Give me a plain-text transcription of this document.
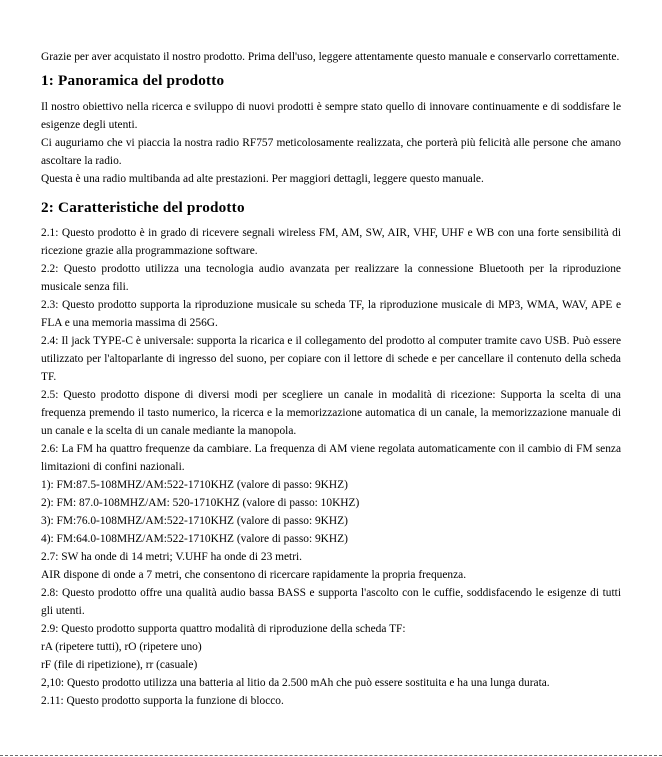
Grazie per aver acquistato il nostro prodotto. Prima dell'uso, leggere attentamente questo manuale e conservarlo correttamente.

1: Panoramica del prodotto

Il nostro obiettivo nella ricerca e sviluppo di nuovi prodotti è sempre stato quello di innovare continuamente e di soddisfare le esigenze degli utenti.

Ci auguriamo che vi piaccia la nostra radio RF757 meticolosamente realizzata, che porterà più felicità alle persone che amano ascoltare la radio.

Questa è una radio multibanda ad alte prestazioni. Per maggiori dettagli, leggere questo manuale.

2: Caratteristiche del prodotto

2.1: Questo prodotto è in grado di ricevere segnali wireless FM, AM, SW, AIR, VHF, UHF e WB con una forte sensibilità di ricezione grazie alla programmazione software.

2.2: Questo prodotto utilizza una tecnologia audio avanzata per realizzare la connessione Bluetooth per la riproduzione musicale senza fili.

2.3: Questo prodotto supporta la riproduzione musicale su scheda TF, la riproduzione musicale di MP3, WMA, WAV, APE e FLA e una memoria massima di 256G.

2.4: Il jack TYPE-C è universale: supporta la ricarica e il collegamento del prodotto al computer tramite cavo USB. Può essere utilizzato per l'altoparlante di ingresso del suono, per copiare con il lettore di schede e per cancellare il contenuto della scheda TF.

2.5: Questo prodotto dispone di diversi modi per scegliere un canale in modalità di ricezione: Supporta la scelta di una frequenza premendo il tasto numerico, la ricerca e la memorizzazione automatica di un canale, la memorizzazione manuale di un canale e la scelta di un canale mediante la manopola.

2.6: La FM ha quattro frequenze da cambiare. La frequenza di AM viene regolata automaticamente con il cambio di FM senza limitazioni di confini nazionali.

1): FM:87.5-108MHZ/AM:522-1710KHZ (valore di passo: 9KHZ)

2): FM: 87.0-108MHZ/AM: 520-1710KHZ (valore di passo: 10KHZ)

3): FM:76.0-108MHZ/AM:522-1710KHZ (valore di passo: 9KHZ)

4): FM:64.0-108MHZ/AM:522-1710KHZ (valore di passo: 9KHZ)

2.7: SW ha onde di 14 metri; V.UHF ha onde di 23 metri.

AIR dispone di onde a 7 metri, che consentono di ricercare rapidamente la propria frequenza.

2.8: Questo prodotto offre una qualità audio bassa BASS e supporta l'ascolto con le cuffie, soddisfacendo le esigenze di tutti gli utenti.

2.9: Questo prodotto supporta quattro modalità di riproduzione della scheda TF:

rA (ripetere tutti), rO (ripetere uno)

rF (file di ripetizione), rr (casuale)

2,10: Questo prodotto utilizza una batteria al litio da 2.500 mAh che può essere sostituita e ha una lunga durata.

2.11: Questo prodotto supporta la funzione di blocco.
